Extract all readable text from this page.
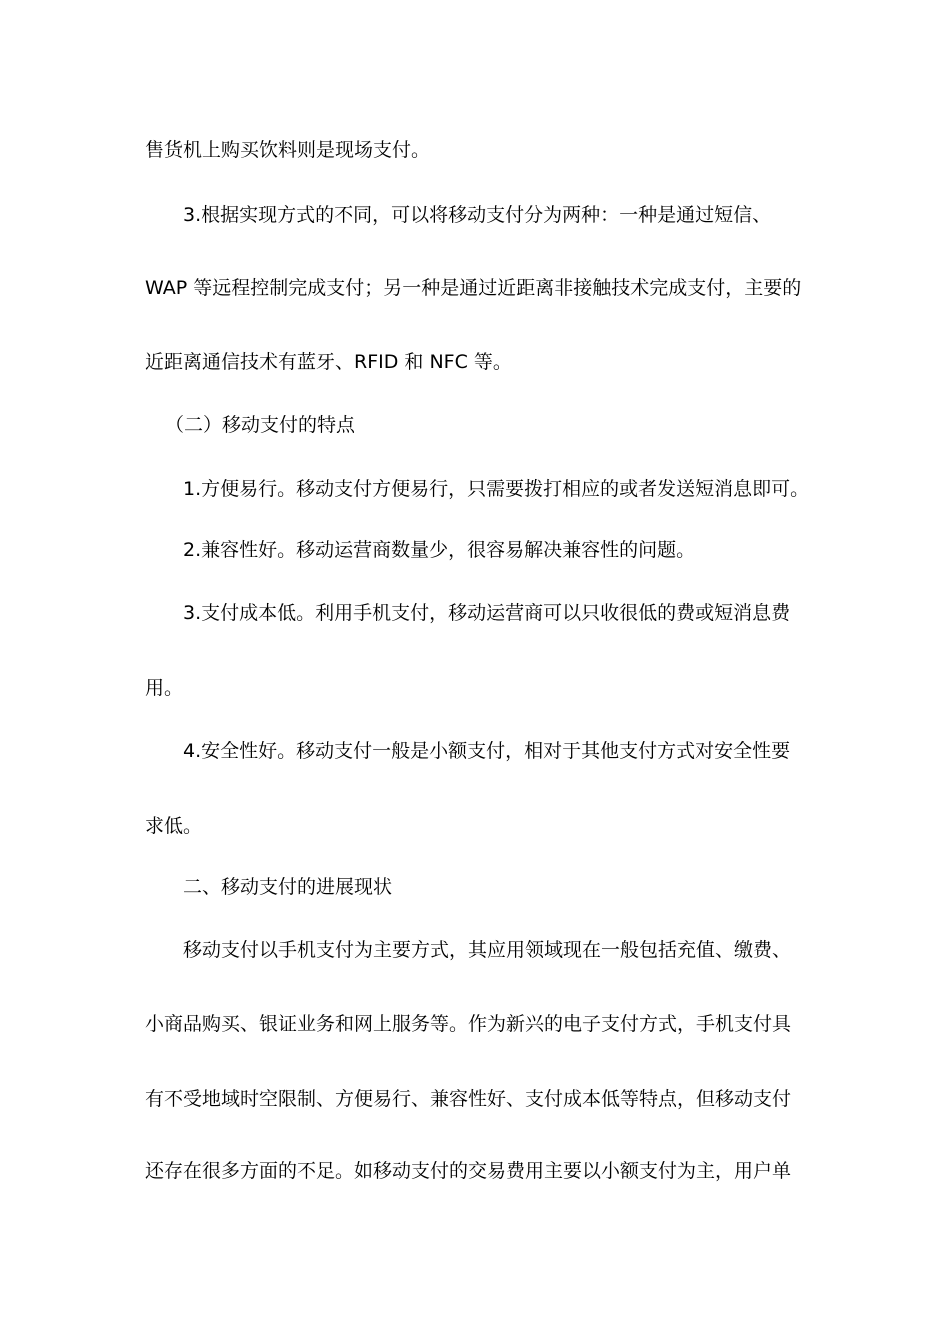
售货机上购买饮料则是现场支付。
3.根据实现方式的不同，可以将移动支付分为两种：一种是通过短信、
WAP 等远程控制完成支付；另一种是通过近距离非接触技术完成支付，主要的
近距离通信技术有蓝牙、RFID 和 NFC 等。
（二）移动支付的特点
1.方便易行。移动支付方便易行，只需要拨打相应的或者发送短消息即可。
2.兼容性好。移动运营商数量少，很容易解决兼容性的问题。
3.支付成本低。利用手机支付，移动运营商可以只收很低的费或短消息费
用。
4.安全性好。移动支付一般是小额支付，相对于其他支付方式对安全性要
求低。
二、移动支付的进展现状
移动支付以手机支付为主要方式，其应用领域现在一般包括充值、缴费、
小商品购买、银证业务和网上服务等。作为新兴的电子支付方式，手机支付具
有不受地域时空限制、方便易行、兼容性好、支付成本低等特点，但移动支付
还存在很多方面的不足。如移动支付的交易费用主要以小额支付为主，用户单
